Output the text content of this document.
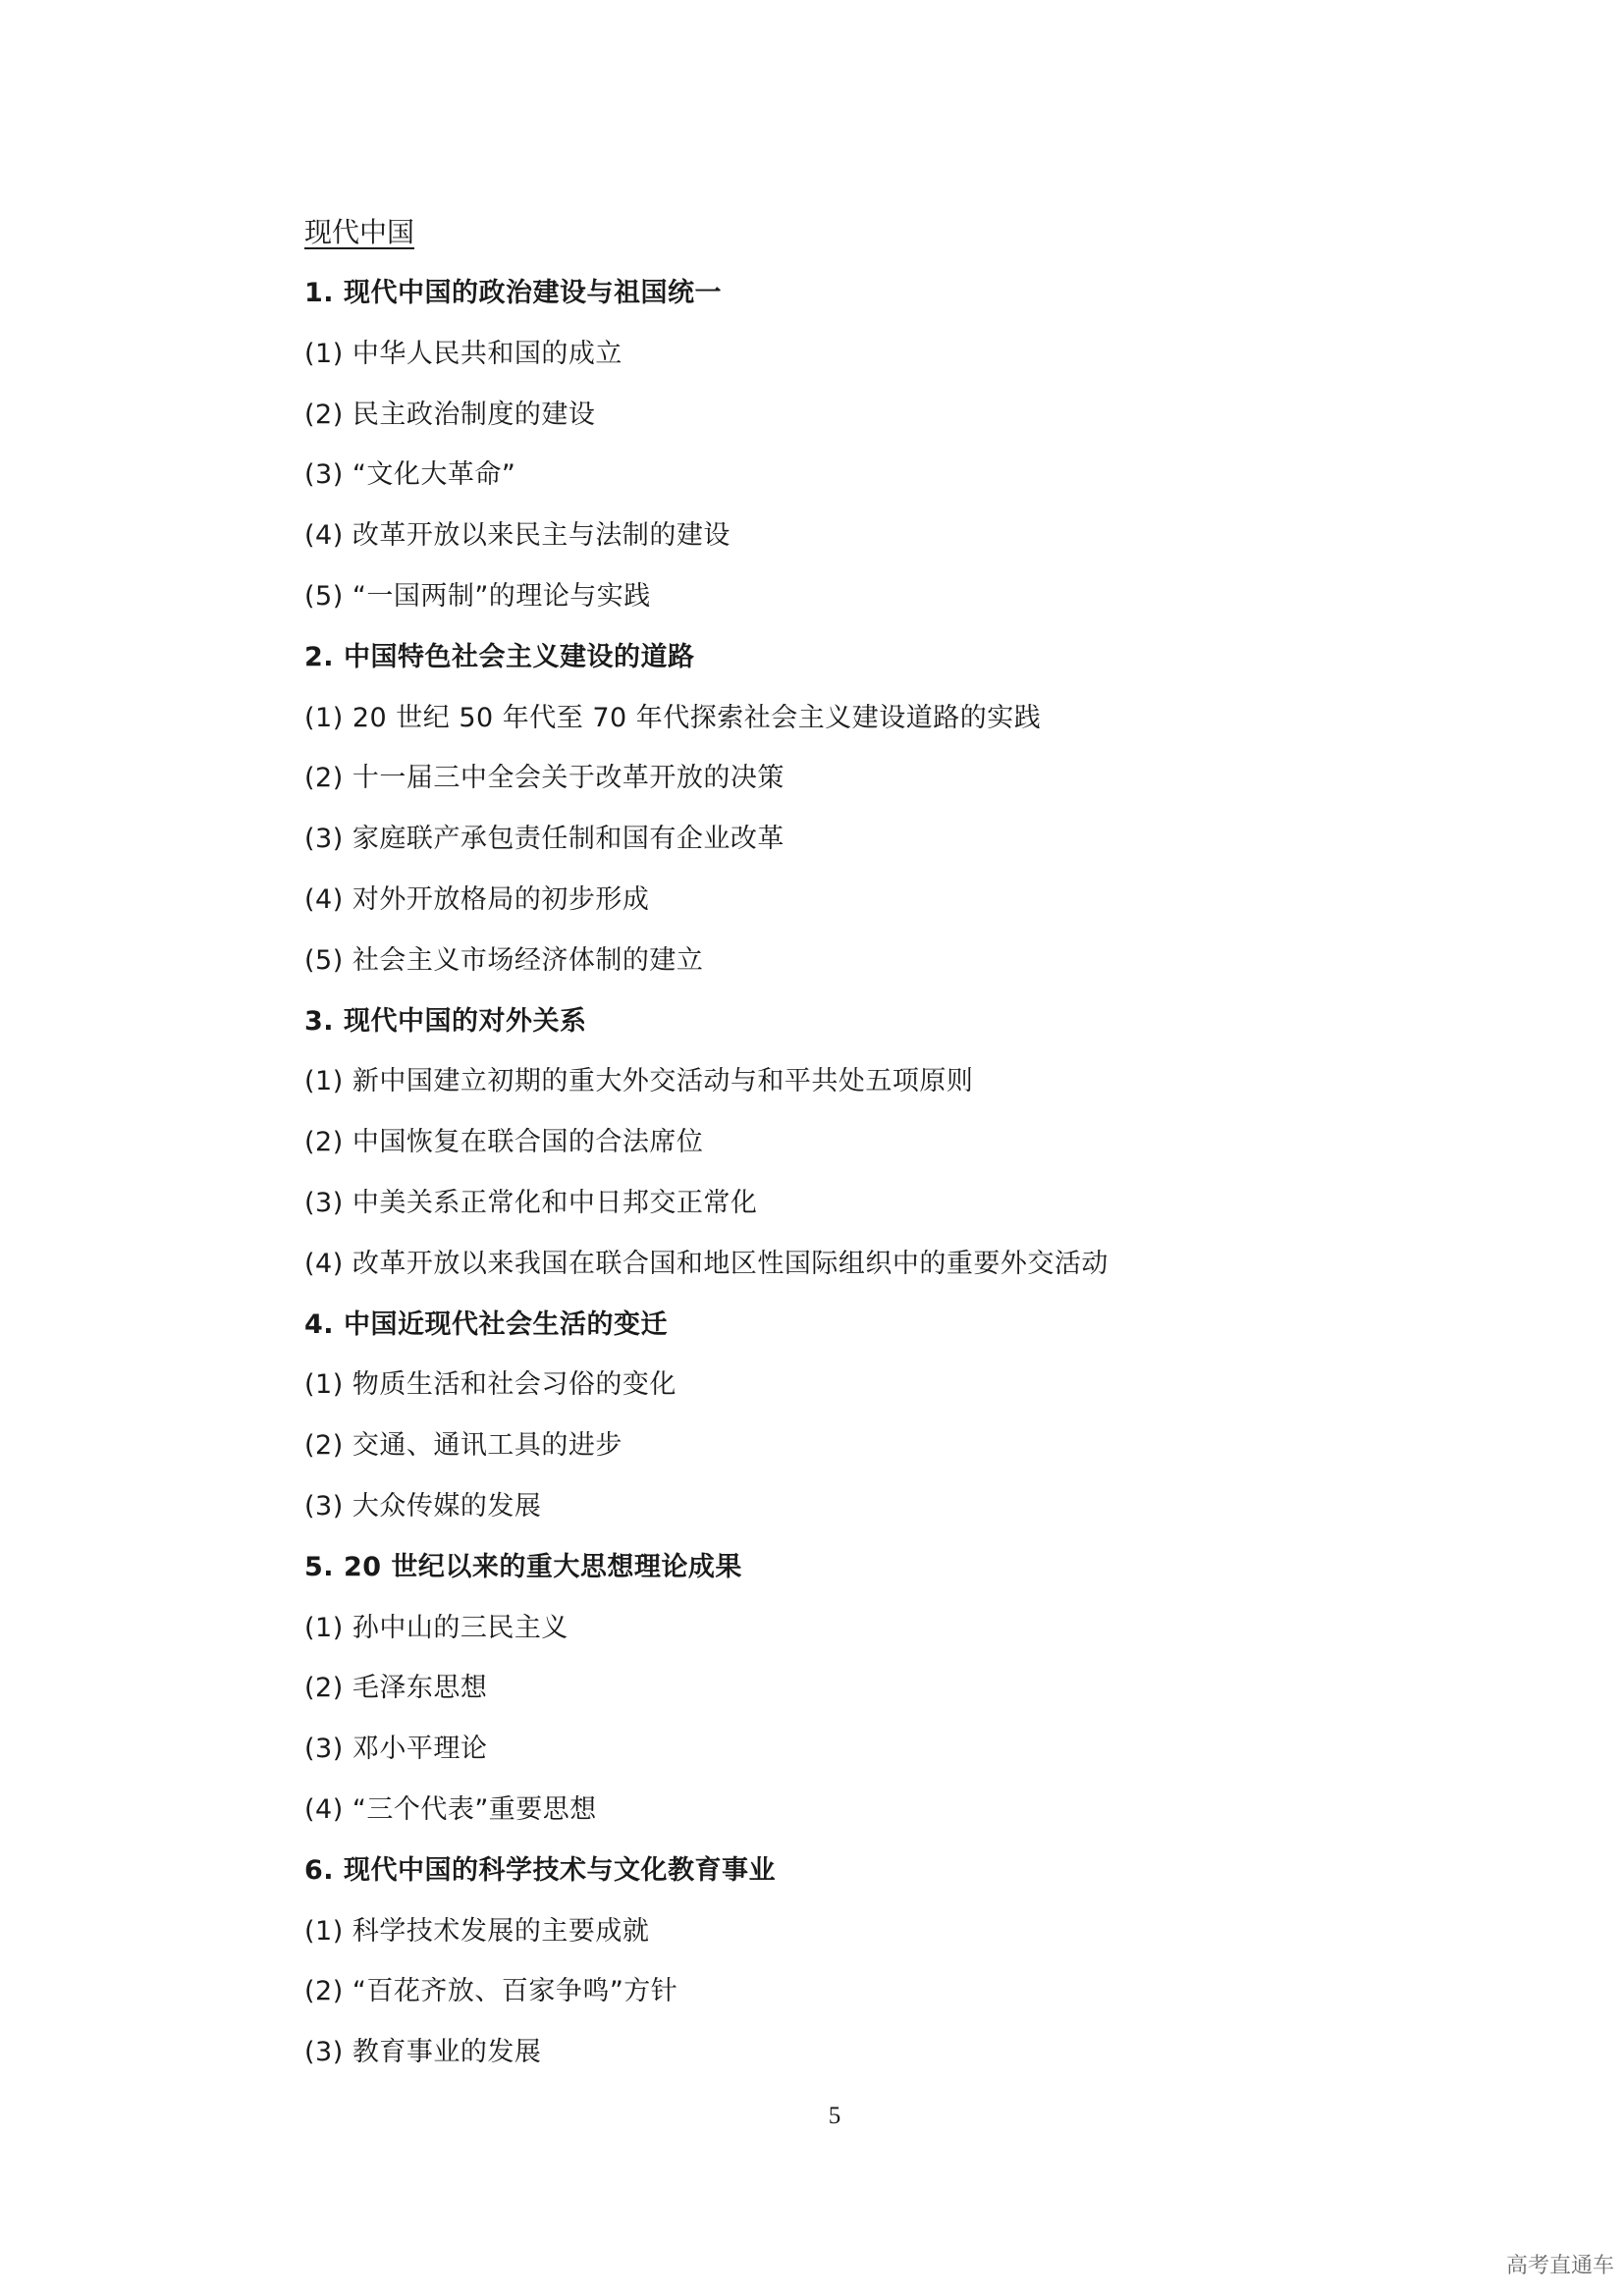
现代中国
1. 现代中国的政治建设与祖国统一
(1) 中华人民共和国的成立
(2) 民主政治制度的建设
(3) “文化大革命”
(4) 改革开放以来民主与法制的建设
(5) “一国两制”的理论与实践
2. 中国特色社会主义建设的道路
(1) 20 世纪 50 年代至 70 年代探索社会主义建设道路的实践
(2) 十一届三中全会关于改革开放的决策
(3) 家庭联产承包责任制和国有企业改革
(4) 对外开放格局的初步形成
(5) 社会主义市场经济体制的建立
3. 现代中国的对外关系
(1) 新中国建立初期的重大外交活动与和平共处五项原则
(2) 中国恢复在联合国的合法席位
(3) 中美关系正常化和中日邦交正常化
(4) 改革开放以来我国在联合国和地区性国际组织中的重要外交活动
4. 中国近现代社会生活的变迁
(1) 物质生活和社会习俗的变化
(2) 交通、通讯工具的进步
(3) 大众传媒的发展
5. 20 世纪以来的重大思想理论成果
(1) 孙中山的三民主义
(2) 毛泽东思想
(3) 邓小平理论
(4) “三个代表”重要思想
6. 现代中国的科学技术与文化教育事业
(1) 科学技术发展的主要成就
(2) “百花齐放、百家争鸣”方针
(3) 教育事业的发展
5
高考直通车
